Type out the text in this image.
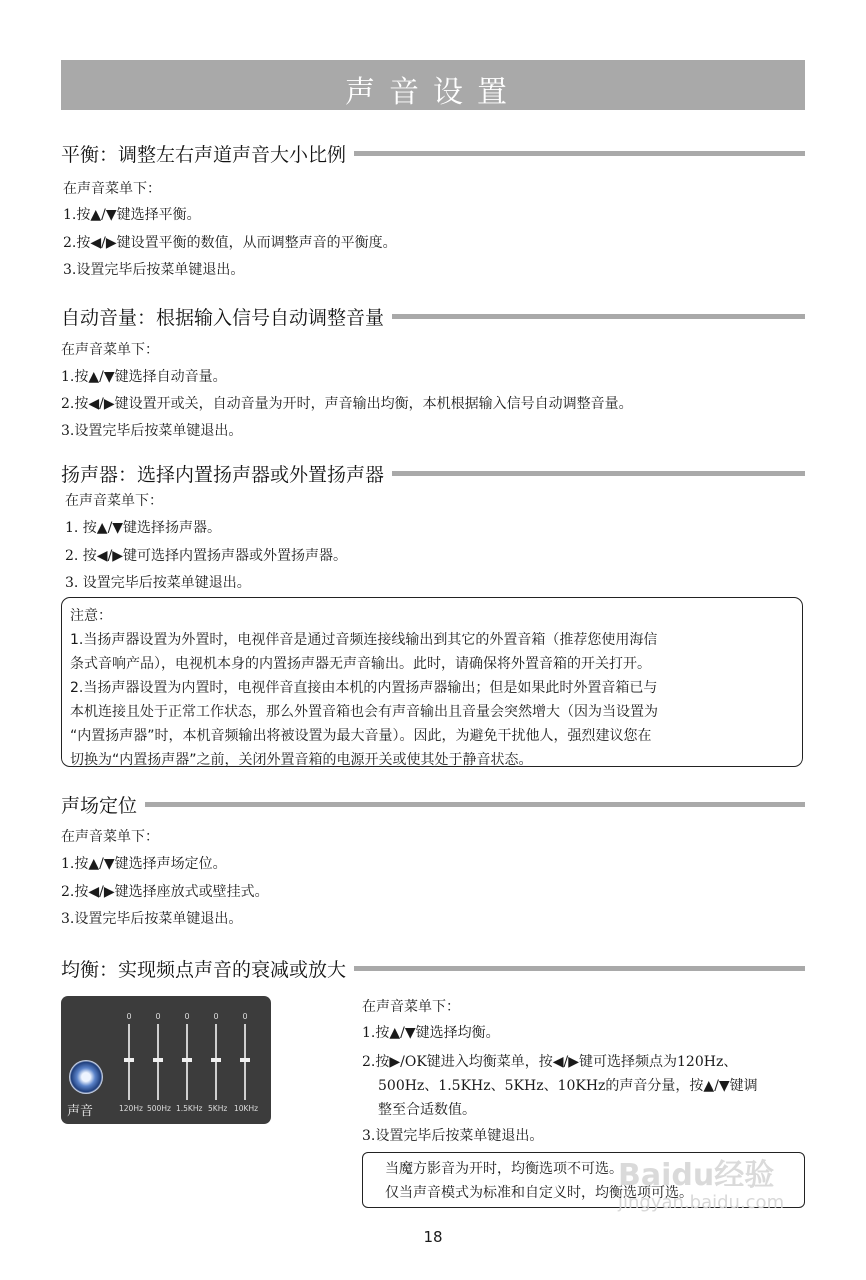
声音设置
平衡：调整左右声道声音大小比例
在声音菜单下：
1.按▲/▼键选择平衡。
2.按◀/▶键设置平衡的数值，从而调整声音的平衡度。
3.设置完毕后按菜单键退出。
自动音量：根据输入信号自动调整音量
在声音菜单下：
1.按▲/▼键选择自动音量。
2.按◀/▶键设置开或关，自动音量为开时，声音输出均衡，本机根据输入信号自动调整音量。
3.设置完毕后按菜单键退出。
扬声器：选择内置扬声器或外置扬声器
在声音菜单下：
1. 按▲/▼键选择扬声器。
2. 按◀/▶键可选择内置扬声器或外置扬声器。
3. 设置完毕后按菜单键退出。
注意：
1.当扬声器设置为外置时，电视伴音是通过音频连接线输出到其它的外置音箱（推荐您使用海信
条式音响产品），电视机本身的内置扬声器无声音输出。此时，请确保将外置音箱的开关打开。
2.当扬声器设置为内置时，电视伴音直接由本机的内置扬声器输出；但是如果此时外置音箱已与
本机连接且处于正常工作状态，那么外置音箱也会有声音输出且音量会突然增大（因为当设置为
“内置扬声器”时，本机音频输出将被设置为最大音量）。因此，为避免干扰他人，强烈建议您在
切换为“内置扬声器”之前，关闭外置音箱的电源开关或使其处于静音状态。
声场定位
在声音菜单下：
1.按▲/▼键选择声场定位。
2.按◀/▶键选择座放式或壁挂式。
3.设置完毕后按菜单键退出。
均衡：实现频点声音的衰减或放大
0	0	0	0	0
120Hz 500Hz 1.5KHz 5KHz 10KHz
声音
在声音菜单下：
1.按▲/▼键选择均衡。
2.按▶/OK键进入均衡菜单，按◀/▶键可选择频点为120Hz、
500Hz、1.5KHz、5KHz、10KHz的声音分量，按▲/▼键调
整至合适数值。
3.设置完毕后按菜单键退出。
当魔方影音为开时，均衡选项不可选。
仅当声音模式为标准和自定义时，均衡选项可选。
Baidu经验
jingyan.baidu.com
18
